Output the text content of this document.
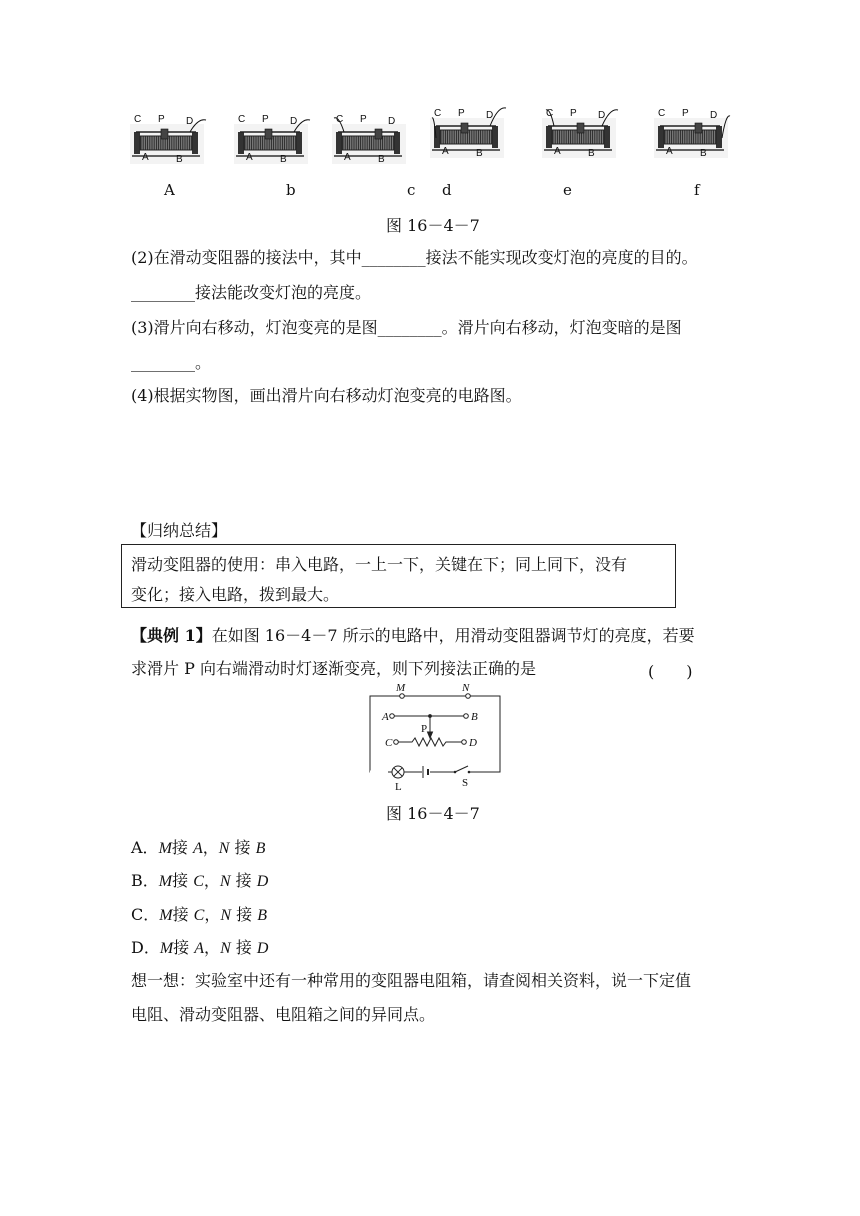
C P D
A	B
C P D
A	B
C P D
A	B
C P D
A	B
C P D
A	B
C P D
A	B
A	b	c d	e	f
图 16－4－7
(2)在滑动变阻器的接法中，其中________接法不能实现改变灯泡的亮度的目的。
________接法能改变灯泡的亮度。
(3)滑片向右移动，灯泡变亮的是图________。滑片向右移动，灯泡变暗的是图
________。
(4)根据实物图，画出滑片向右移动灯泡变亮的电路图。
【归纳总结】
滑动变阻器的使用：串入电路，一上一下，关键在下；同上同下，没有
变化；接入电路，拨到最大。
【典例 1】在如图 16－4－7 所示的电路中，用滑动变阻器调节灯的亮度，若要
求滑片 P 向右端滑动时灯逐渐变亮，则下列接法正确的是	(　　)
M	N
A	B
C	D
P
L	S
图 16－4－7
A．M接 A，N 接 B
B．M接 C，N 接 D
C．M接 C，N 接 B
D．M接 A，N 接 D
想一想：实验室中还有一种常用的变阻器电阻箱，请查阅相关资料，说一下定值
电阻、滑动变阻器、电阻箱之间的异同点。
